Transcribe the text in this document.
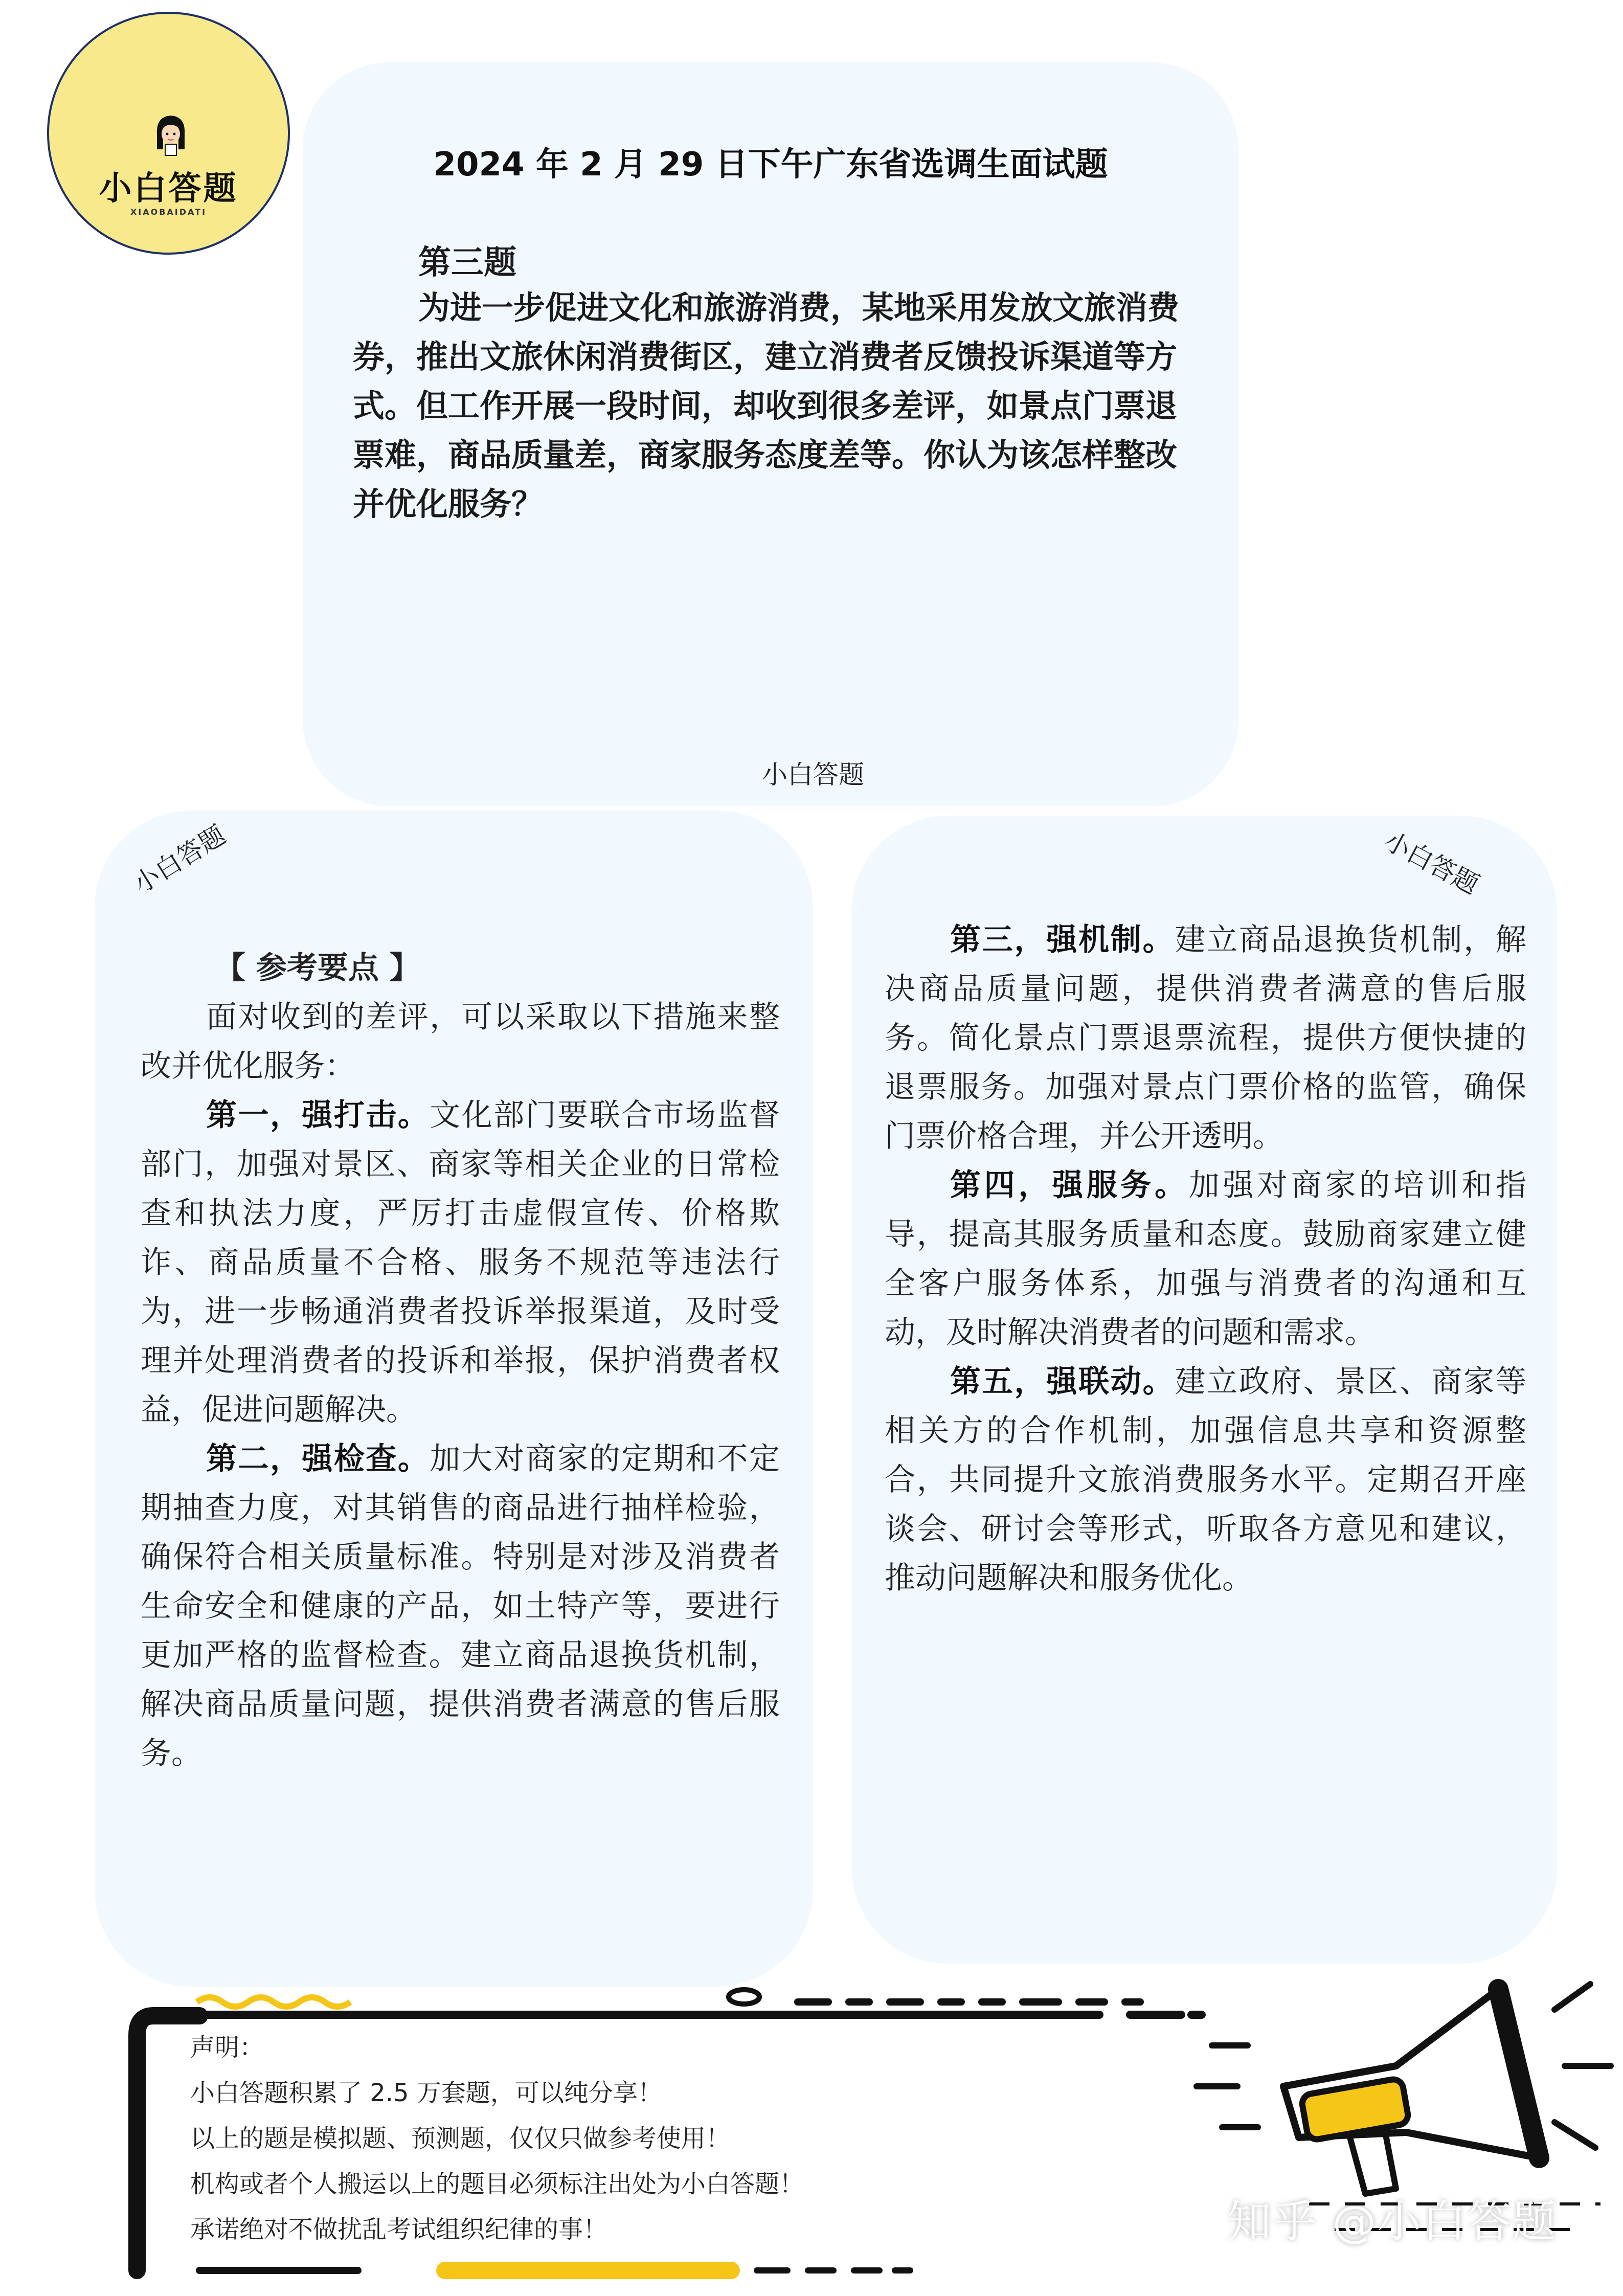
小白答题
XIAOBAIDATI
2024 年 2 月 29 日下午广东省选调生面试题
第三题
为进一步促进文化和旅游消费，某地采用发放文旅消费券，推出文旅休闲消费街区，建立消费者反馈投诉渠道等方式。但工作开展一段时间，却收到很多差评，如景点门票退票难，商品质量差，商家服务态度差等。你认为该怎样整改并优化服务？
小白答题
小白答题	小白答题

【 参考要点 】

面对收到的差评，可以采取以下措施来整改并优化服务：

第一，强打击。文化部门要联合市场监督部门，加强对景区、商家等相关企业的日常检查和执法力度，严厉打击虚假宣传、价格欺诈、商品质量不合格、服务不规范等违法行为，进一步畅通消费者投诉举报渠道，及时受理并处理消费者的投诉和举报，保护消费者权益，促进问题解决。

第二，强检查。加大对商家的定期和不定期抽查力度，对其销售的商品进行抽样检验，确保符合相关质量标准。特别是对涉及消费者生命安全和健康的产品，如土特产等，要进行更加严格的监督检查。建立商品退换货机制，解决商品质量问题，提供消费者满意的售后服务。

第三，强机制。建立商品退换货机制，解决商品质量问题，提供消费者满意的售后服务。简化景点门票退票流程，提供方便快捷的退票服务。加强对景点门票价格的监管，确保门票价格合理，并公开透明。

第四，强服务。加强对商家的培训和指导，提高其服务质量和态度。鼓励商家建立健全客户服务体系，加强与消费者的沟通和互动，及时解决消费者的问题和需求。

第五，强联动。建立政府、景区、商家等相关方的合作机制，加强信息共享和资源整合，共同提升文旅消费服务水平。定期召开座谈会、研讨会等形式，听取各方意见和建议，推动问题解决和服务优化。

声明：
小白答题积累了 2.5 万套题，可以纯分享！
以上的题是模拟题、预测题，仅仅只做参考使用！
机构或者个人搬运以上的题目必须标注出处为小白答题！
承诺绝对不做扰乱考试组织纪律的事！	知乎 @小白答题
